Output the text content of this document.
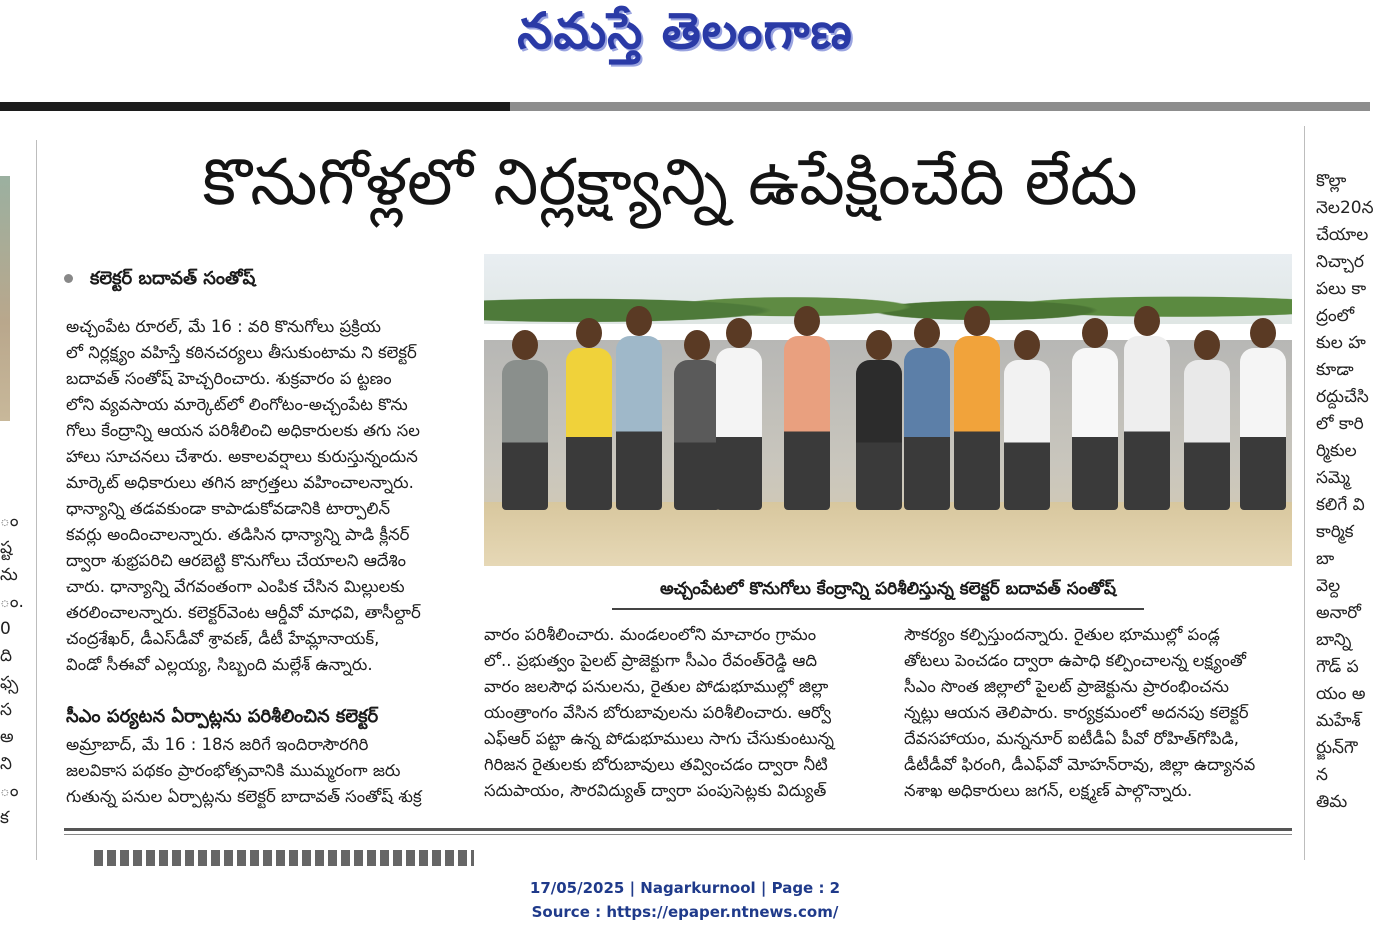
నమస్తే తెలంగాణ
ం
ష్ట
ను
ం.
0
ది
ఫ్స
స
అ
ని
ం
క
కొల్లా
నెల20న
చేయాల
నిచ్చార
పలు కా
ద్రంలో
కుల హ
కూడా
రద్దుచేసి
లో కారి
ర్మికుల
సమ్మె
కలిగే వి
కార్మిక
బా
వెల్ద
అనారో
బాన్ని
గౌడ్ ప
యం అ
మహేశ్
ర్జున్‌గౌ
న
తిమ
కొనుగోళ్లలో నిర్లక్ష్యాన్ని ఉపేక్షించేది లేదు
కలెక్టర్ బదావత్ సంతోష్
అచ్చంపేటలో కొనుగోలు కేంద్రాన్ని పరిశీలిస్తున్న కలెక్టర్ బదావత్ సంతోష్
అచ్చంపేట రూరల్, మే 16 : వరి కొనుగోలు ప్రక్రియ
లో నిర్లక్ష్యం వహిస్తే కఠినచర్యలు తీసుకుంటామ ని కలెక్టర్
బదావత్ సంతోష్ హెచ్చరించారు. శుక్రవారం ప ట్టణం
లోని వ్యవసాయ మార్కెట్‌లో లింగోటం-అచ్చంపేట కొను
గోలు కేంద్రాన్ని ఆయన పరిశీలించి అధికారులకు తగు సల
హాలు సూచనలు చేశారు. అకాలవర్షాలు కురుస్తున్నందున
మార్కెట్ అధికారులు తగిన జాగ్రత్తలు వహించాలన్నారు.
ధాన్యాన్ని తడవకుండా కాపాడుకోవడానికి టార్పాలిన్
కవర్లు అందించాలన్నారు. తడిసిన ధాన్యాన్ని పాడి క్లీనర్
ద్వారా శుభ్రపరిచి ఆరబెట్టి కొనుగోలు చేయాలని ఆదేశిం
చారు. ధాన్యాన్ని వేగవంతంగా ఎంపిక చేసిన మిల్లులకు
తరలించాలన్నారు. కలెక్టర్‌వెంట ఆర్డీవో మాధవి, తాసీల్దార్
చంద్రశేఖర్, డీఎస్‌డీవో శ్రావణ్, డీటీ హేమ్లానాయక్,
విండో సీఈవో ఎల్లయ్య, సిబ్బంది మల్లేశ్ ఉన్నారు.
సీఎం పర్యటన ఏర్పాట్లను పరిశీలించిన కలెక్టర్
అమ్రాబాద్, మే 16 : 18న జరిగే ఇందిరాసౌరగిరి
జలవికాస పథకం ప్రారంభోత్సవానికి ముమ్మరంగా జరు
గుతున్న పనుల ఏర్పాట్లను కలెక్టర్ బాదావత్ సంతోష్ శుక్ర
వారం పరిశీలించారు. మండలంలోని మాచారం గ్రామం
లో.. ప్రభుత్వం పైలట్ ప్రాజెక్టుగా సీఎం రేవంత్‌రెడ్డి ఆది
వారం జలసౌధ పనులను, రైతుల పోడుభూముల్లో జిల్లా
యంత్రాంగం వేసిన బోరుబావులను పరిశీలించారు. ఆర్వో
ఎఫ్‌ఆర్ పట్టా ఉన్న పోడుభూములు సాగు చేసుకుంటున్న
గిరిజన రైతులకు బోరుబావులు తవ్వించడం ద్వారా నీటి
సదుపాయం, సౌరవిద్యుత్ ద్వారా పంపుసెట్లకు విద్యుత్
సౌకర్యం కల్పిస్తుందన్నారు. రైతుల భూముల్లో పండ్ల
తోటలు పెంచడం ద్వారా ఉపాధి కల్పించాలన్న లక్ష్యంతో
సీఎం సొంత జిల్లాలో పైలట్ ప్రాజెక్టును ప్రారంభించను
న్నట్లు ఆయన తెలిపారు. కార్యక్రమంలో అదనపు కలెక్టర్
దేవసహాయం, మన్ననూర్ ఐటీడీఏ పీవో రోహిత్‌గోపిడి,
డీటీడీవో ఫిరంగి, డీఎఫ్‌వో మోహన్‌రావు, జిల్లా ఉద్యానవ
నశాఖ అధికారులు జగన్, లక్ష్మణ్ పాల్గొన్నారు.
17/05/2025 | Nagarkurnool | Page : 2
Source : https://epaper.ntnews.com/
